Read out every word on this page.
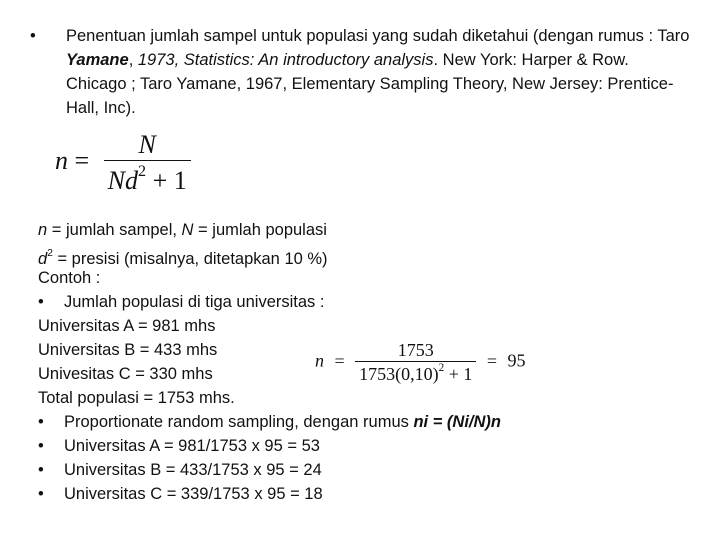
• Penentuan jumlah sampel untuk populasi yang sudah diketahui (dengan rumus : Taro Yamane, 1973, Statistics: An introductory analysis. New York: Harper & Row. Chicago ; Taro Yamane, 1967, Elementary Sampling Theory, New Jersey: Prentice-Hall, Inc).
$n = \frac{N}{Nd^2 + 1}$
$n = \frac{1753}{1753(0,10)^2 + 1} = 95$
n = jumlah sampel, N = jumlah populasi
$d^2$ = presisi (misalnya, ditetapkan 10 %)
Contoh :
• Jumlah populasi di tiga universitas :
Universitas A = 981 mhs
Universitas B = 433 mhs
Univesitas C = 330 mhs
Total populasi = 1753 mhs.
• Proportionate random sampling, dengan rumus ni = (Ni/N)n
• Universitas A = 981/1753 x 95 = 53
• Universitas B = 433/1753 x 95 = 24
• Universitas C = 339/1753 x 95 = 18
